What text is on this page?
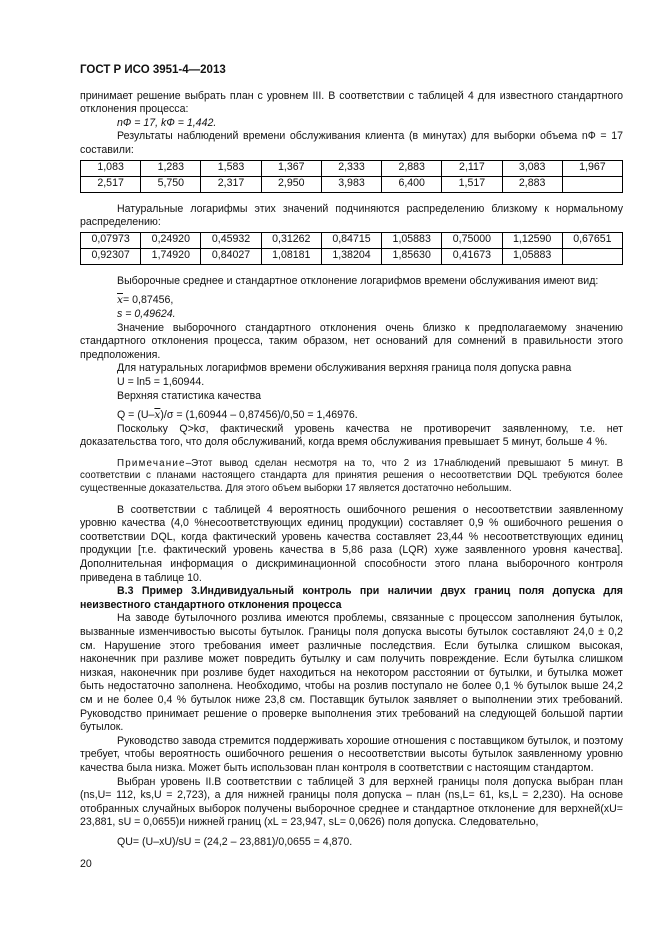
ГОСТ Р ИСО 3951-4—2013

принимает решение выбрать план с уровнем III. В соответствии с таблицей 4 для известного стандартного отклонения процесса:

nФ = 17, kФ = 1,442.

Результаты наблюдений времени обслуживания клиента (в минутах) для выборки объема nФ = 17 составили:

1,083	1,283	1,583	1,367	2,333	2,883	2,117	3,083	1,967
2,517	5,750	2,317	2,950	3,983	6,400	1,517	2,883	

Натуральные логарифмы этих значений подчиняются распределению близкому к нормальному распределению:

0,07973	0,24920	0,45932	0,31262	0,84715	1,05883	0,75000	1,12590	0,67651
0,92307	1,74920	0,84027	1,08181	1,38204	1,85630	0,41673	1,05883	

Выборочные среднее и стандартное отклонение логарифмов времени обслуживания имеют вид:

$\overline{x}= 0,87456$,

s = 0,49624.

Значение выборочного стандартного отклонения очень близко к предполагаемому значению стандартного отклонения процесса, таким образом, нет оснований для сомнений в правильности этого предположения.

Для натуральных логарифмов времени обслуживания верхняя граница поля допуска равна

U = ln5 = 1,60944.

Верхняя статистика качества

$Q = (U-\overline{x})/\sigma = (1,60944 - 0,87456)/0,50 = 1,46976$.

Поскольку Q>kσ, фактический уровень качества не противоречит заявленному, т.е. нет доказательства того, что доля обслуживаний, когда время обслуживания превышает 5 минут, больше 4 %.

Примечание–Этот вывод сделан несмотря на то, что 2 из 17наблюдений превышают 5 минут. В соответствии с планами настоящего стандарта для принятия решения о несоответствии DQL требуются более существенные доказательства. Для этого объем выборки 17 является достаточно небольшим.

В соответствии с таблицей 4 вероятность ошибочного решения о несоответствии заявленному уровню качества (4,0 %несоответствующих единиц продукции) составляет 0,9 % ошибочного решения о соответствии DQL, когда фактический уровень качества составляет 23,44 % несоответствующих единиц продукции [т.е. фактический уровень качества в 5,86 раза (LQR) хуже заявленного уровня качества]. Дополнительная информация о дискриминационной способности этого плана выборочного контроля приведена в таблице 10.

В.3 Пример 3.Индивидуальный контроль при наличии двух границ поля допуска для неизвестного стандартного отклонения процесса

На заводе бутылочного розлива имеются проблемы, связанные с процессом заполнения бутылок, вызванные изменчивостью высоты бутылок. Границы поля допуска высоты бутылок составляют 24,0 ± 0,2 см. Нарушение этого требования имеет различные последствия. Если бутылка слишком высокая, наконечник при разливе может повредить бутылку и сам получить повреждение. Если бутылка слишком низкая, наконечник при розливе будет находиться на некотором расстоянии от бутылки, и бутылка может быть недостаточно заполнена. Необходимо, чтобы на розлив поступало не более 0,1 % бутылок выше 24,2 см и не более 0,4 % бутылок ниже 23,8 см. Поставщик бутылок заявляет о выполнении этих требований. Руководство принимает решение о проверке выполнения этих требований на следующей большой партии бутылок.

Руководство завода стремится поддерживать хорошие отношения с поставщиком бутылок, и поэтому требует, чтобы вероятность ошибочного решения о несоответствии высоты бутылок заявленному уровню качества была низка. Может быть использован план контроля в соответствии с настоящим стандартом.

Выбран уровень II.В соответствии с таблицей 3 для верхней границы поля допуска выбран план (ns,U= 112, ks,U = 2,723), а для нижней границы поля допуска – план (ns,L= 61, ks,L = 2,230). На основе отобранных случайных выборок получены выборочное среднее и стандартное отклонение для верхней(xU= 23,881, sU = 0,0655)и нижней границ (xL = 23,947, sL= 0,0626) поля допуска. Следовательно,

QU= (U–xU)/sU = (24,2 – 23,881)/0,0655 = 4,870.

20
